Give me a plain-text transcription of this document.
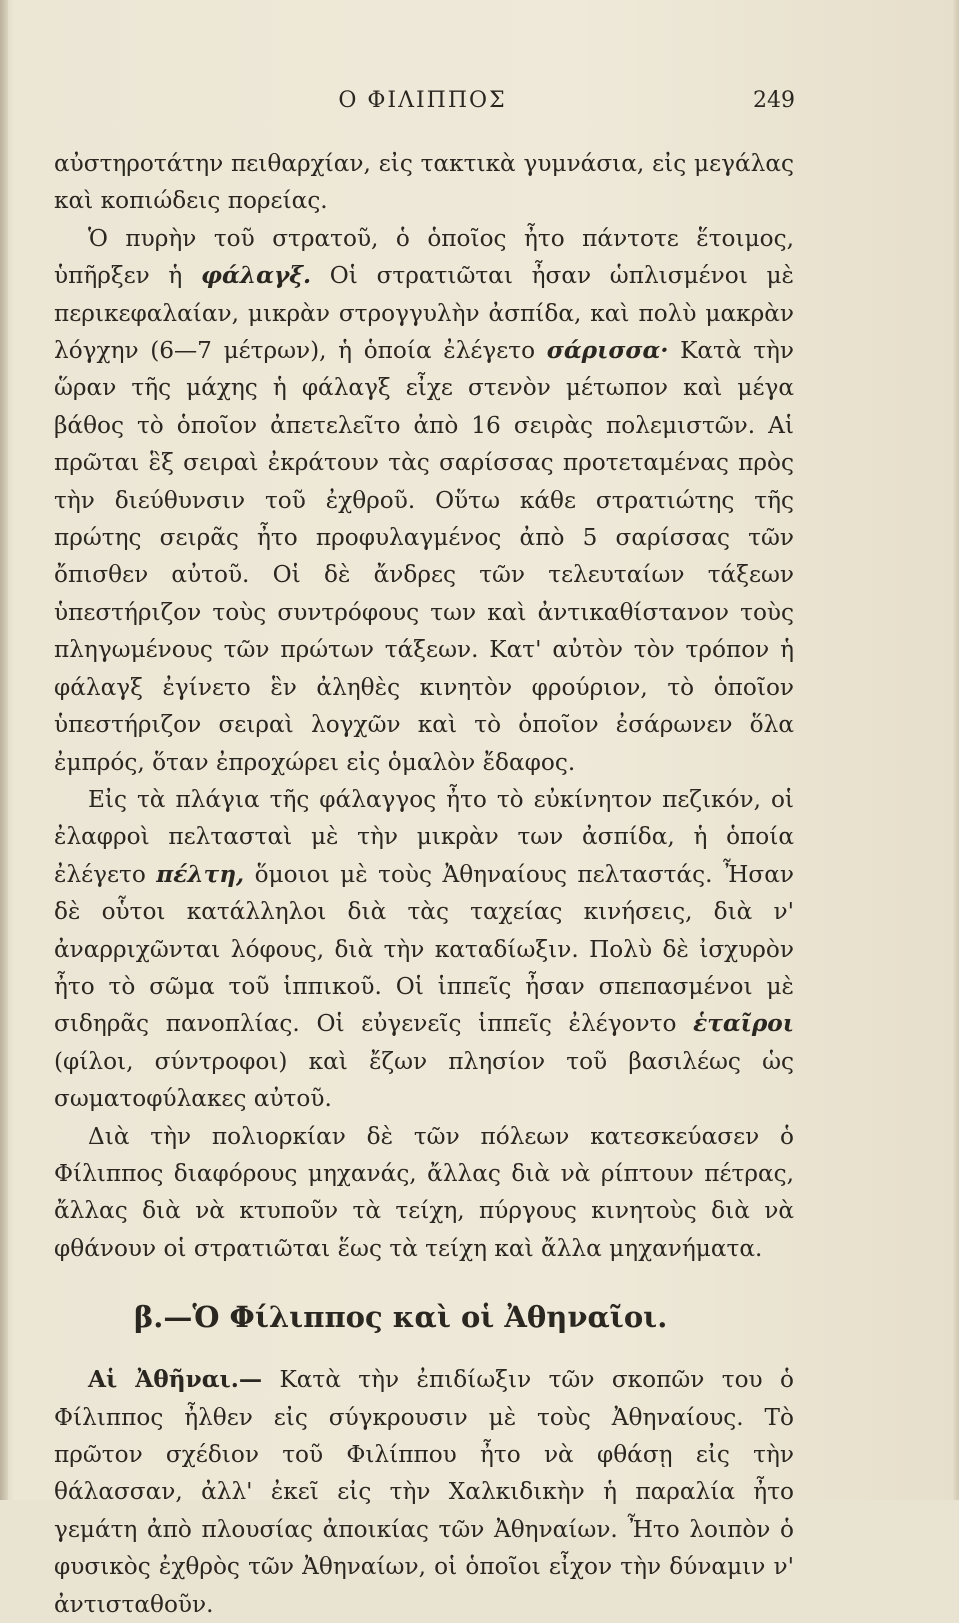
Ο ΦΙΛΙΠΠΟΣ	249

αὐστηροτάτην πειθαρχίαν, εἰς τακτικὰ γυμνάσια, εἰς μεγάλας καὶ κοπιώδεις πορείας.

Ὁ πυρὴν τοῦ στρατοῦ, ὁ ὁποῖος ἦτο πάντοτε ἕτοιμος, ὑπῆρξεν ἡ φάλαγξ. Οἱ στρατιῶται ἦσαν ὡπλισμένοι μὲ περικεφαλαίαν, μικρὰν στρογγυλὴν ἀσπίδα, καὶ πολὺ μακρὰν λόγχην (6—7 μέτρων), ἡ ὁποία ἐλέγετο σάρισσα· Κατὰ τὴν ὥραν τῆς μάχης ἡ φάλαγξ εἶχε στενὸν μέτωπον καὶ μέγα βάθος τὸ ὁποῖον ἀπετελεῖτο ἀπὸ 16 σειρὰς πολεμιστῶν. Αἱ πρῶται ἓξ σειραὶ ἐκράτουν τὰς σαρίσσας προτεταμένας πρὸς τὴν διεύθυνσιν τοῦ ἐχθροῦ. Οὕτω κάθε στρατιώτης τῆς πρώτης σειρᾶς ἦτο προφυλαγμένος ἀπὸ 5 σαρίσσας τῶν ὄπισθεν αὐτοῦ. Οἱ δὲ ἄνδρες τῶν τελευταίων τάξεων ὑπεστήριζον τοὺς συντρόφους των καὶ ἀντικαθίστανον τοὺς πληγωμένους τῶν πρώτων τάξεων. Κατ' αὐτὸν τὸν τρόπον ἡ φάλαγξ ἐγίνετο ἓν ἀληθὲς κινητὸν φρούριον, τὸ ὁποῖον ὑπεστήριζον σειραὶ λογχῶν καὶ τὸ ὁποῖον ἐσάρωνεν ὅλα ἐμπρός, ὅταν ἐπροχώρει εἰς ὁμαλὸν ἔδαφος.

Εἰς τὰ πλάγια τῆς φάλαγγος ἦτο τὸ εὐκίνητον πεζικόν, οἱ ἐλαφροὶ πελτασταὶ μὲ τὴν μικρὰν των ἀσπίδα, ἡ ὁποία ἐλέγετο πέλτη, ὅμοιοι μὲ τοὺς Ἀθηναίους πελταστάς. Ἦσαν δὲ οὗτοι κατάλληλοι διὰ τὰς ταχείας κινήσεις, διὰ ν' ἀναρριχῶνται λόφους, διὰ τὴν καταδίωξιν. Πολὺ δὲ ἰσχυρὸν ἦτο τὸ σῶμα τοῦ ἱππικοῦ. Οἱ ἱππεῖς ἦσαν σπεπασμένοι μὲ σιδηρᾶς πανοπλίας. Οἱ εὐγενεῖς ἱππεῖς ἐλέγοντο ἑταῖροι (φίλοι, σύντροφοι) καὶ ἔζων πλησίον τοῦ βασιλέως ὡς σωματοφύλακες αὐτοῦ.

Διὰ τὴν πολιορκίαν δὲ τῶν πόλεων κατεσκεύασεν ὁ Φίλιππος διαφόρους μηχανάς, ἄλλας διὰ νὰ ρίπτουν πέτρας, ἄλλας διὰ νὰ κτυποῦν τὰ τείχη, πύργους κινητοὺς διὰ νὰ φθάνουν οἱ στρατιῶται ἕως τὰ τείχη καὶ ἄλλα μηχανήματα.

β.—Ὁ Φίλιππος καὶ οἱ Ἀθηναῖοι.

Αἱ Ἀθῆναι.— Κατὰ τὴν ἐπιδίωξιν τῶν σκοπῶν του ὁ Φίλιππος ἦλθεν εἰς σύγκρουσιν μὲ τοὺς Ἀθηναίους. Τὸ πρῶτον σχέδιον τοῦ Φιλίππου ἦτο νὰ φθάσῃ εἰς τὴν θάλασσαν, ἀλλ' ἐκεῖ εἰς τὴν Χαλκιδικὴν ἡ παραλία ἦτο γεμάτη ἀπὸ πλουσίας ἀποικίας τῶν Ἀθηναίων. Ἦτο λοιπὸν ὁ φυσικὸς ἐχθρὸς τῶν Ἀθηναίων, οἱ ὁποῖοι εἶχον τὴν δύναμιν ν' ἀντισταθοῦν.
